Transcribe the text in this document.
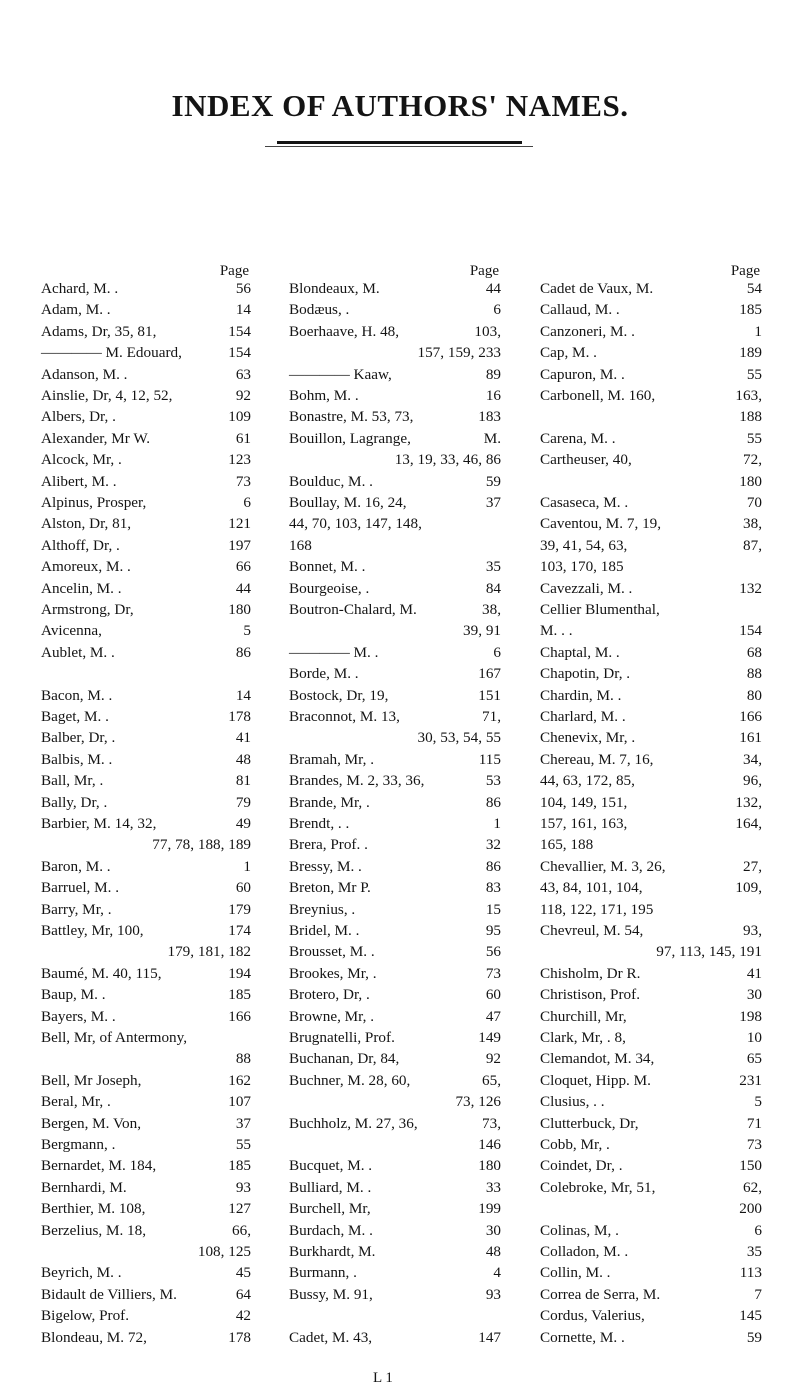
INDEX OF AUTHORS' NAMES.
Page
Achard, M. .	56
Adam, M. .	14
Adams, Dr, 35, 81,	154
———— M. Edouard,	154
Adanson, M. .	63
Ainslie, Dr, 4, 12, 52,	92
Albers, Dr, .	109
Alexander, Mr W.	61
Alcock, Mr, .	123
Alibert, M. .	73
Alpinus, Prosper,	6
Alston, Dr, 81,	121
Althoff, Dr, .	197
Amoreux, M. .	66
Ancelin, M. .	44
Armstrong, Dr,	180
Avicenna,	5
Aublet, M. .	86
Bacon, M. .	14
Baget, M. .	178
Balber, Dr, .	41
Balbis, M. .	48
Ball, Mr, .	81
Bally, Dr, .	79
Barbier, M. 14, 32,	49
77, 78, 188, 189
Baron, M. .	1
Barruel, M. .	60
Barry, Mr, .	179
Battley, Mr, 100,	174
179, 181, 182
Baumé, M. 40, 115,	194
Baup, M. .	185
Bayers, M. .	166
Bell, Mr, of Antermony,
88
Bell, Mr Joseph,	162
Beral, Mr, .	107
Bergen, M. Von,	37
Bergmann, .	55
Bernardet, M. 184,	185
Bernhardi, M.	93
Berthier, M. 108,	127
Berzelius, M. 18,	66,
108, 125
Beyrich, M. .	45
Bidault de Villiers, M.	64
Bigelow, Prof.	42
Blondeau, M. 72,	178
Page
Blondeaux, M.	44
Bodæus, .	6
Boerhaave, H. 48,	103,
157, 159, 233
———— Kaaw,	89
Bohm, M. .	16
Bonastre, M. 53, 73,	183
Bouillon, Lagrange,	M.
13, 19, 33, 46, 86
Boulduc, M. .	59
Boullay, M. 16, 24,	37
44, 70, 103, 147, 148,
168
Bonnet, M. .	35
Bourgeoise, .	84
Boutron-Chalard, M.	38,
39, 91
———— M. .	6
Borde, M. .	167
Bostock, Dr, 19,	151
Braconnot, M. 13,	71,
30, 53, 54, 55
Bramah, Mr, .	115
Brandes, M. 2, 33, 36,	53
Brande, Mr, .	86
Brendt, . .	1
Brera, Prof. .	32
Bressy, M. .	86
Breton, Mr P.	83
Breynius, .	15
Bridel, M. .	95
Brousset, M. .	56
Brookes, Mr, .	73
Brotero, Dr, .	60
Browne, Mr, .	47
Brugnatelli, Prof.	149
Buchanan, Dr, 84,	92
Buchner, M. 28, 60,	65,
73, 126
Buchholz, M. 27, 36,	73,
146
Bucquet, M. .	180
Bulliard, M. .	33
Burchell, Mr,	199
Burdach, M. .	30
Burkhardt, M.	48
Burmann, .	4
Bussy, M. 91,	93
Cadet, M. 43,	147
Page
Cadet de Vaux, M.	54
Callaud, M. .	185
Canzoneri, M. .	1
Cap, M. .	189
Capuron, M. .	55
Carbonell, M. 160,	163,
188
Carena, M. .	55
Cartheuser, 40,	72,
180
Casaseca, M. .	70
Caventou, M. 7, 19,	38,
39, 41, 54, 63,	87,
103, 170, 185
Cavezzali, M. .	132
Cellier Blumenthal,
M. . .	154
Chaptal, M. .	68
Chapotin, Dr, .	88
Chardin, M. .	80
Charlard, M. .	166
Chenevix, Mr, .	161
Chereau, M. 7, 16,	34,
44, 63, 172, 85,	96,
104, 149, 151,	132,
157, 161, 163,	164,
165, 188
Chevallier, M. 3, 26,	27,
43, 84, 101, 104,	109,
118, 122, 171, 195
Chevreul, M. 54,	93,
97, 113, 145, 191
Chisholm, Dr R.	41
Christison, Prof.	30
Churchill, Mr,	198
Clark, Mr, . 8,	10
Clemandot, M. 34,	65
Cloquet, Hipp. M.	231
Clusius, . .	5
Clutterbuck, Dr,	71
Cobb, Mr, .	73
Coindet, Dr, .	150
Colebroke, Mr, 51,	62,
200
Colinas, M, .	6
Colladon, M. .	35
Collin, M. .	113
Correa de Serra, M.	7
Cordus, Valerius,	145
Cornette, M. .	59
L 1
